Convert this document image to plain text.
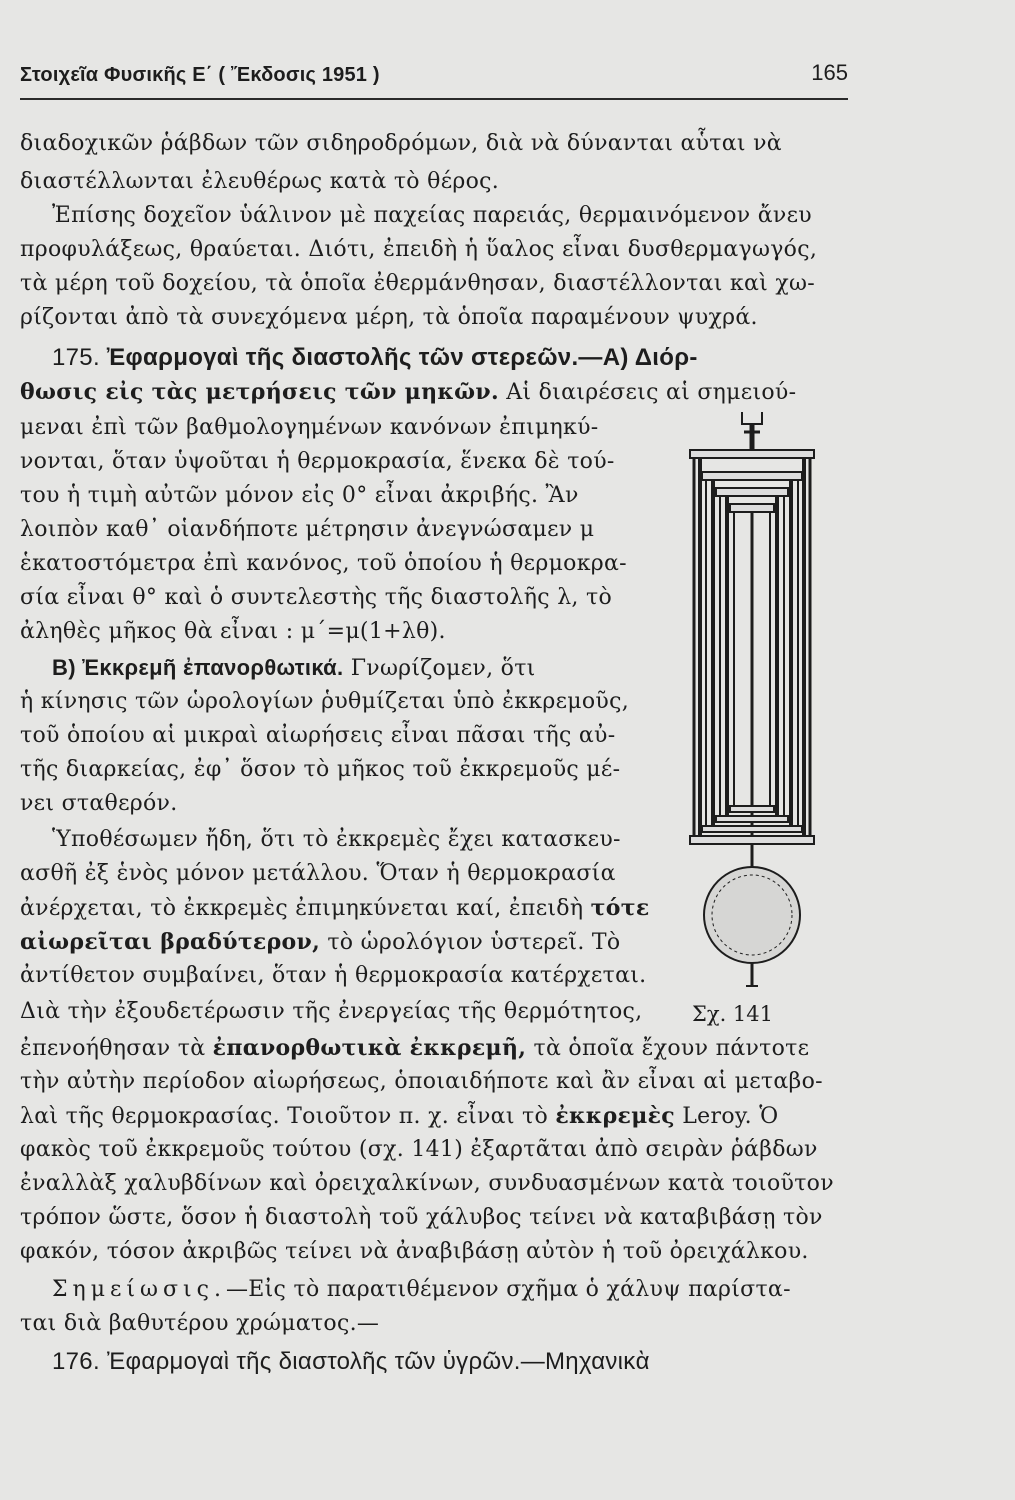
Στοιχεῖα Φυσικῆς Ε΄ ( Ἔκδοσις 1951 )	165
διαδοχικῶν ῥάβδων τῶν σιδηροδρόμων, διὰ νὰ δύνανται αὗται νὰ
διαστέλλωνται ἐλευθέρως κατὰ τὸ θέρος.
Ἐπίσης δοχεῖον ὑάλινον μὲ παχείας παρειάς, θερμαινόμενον ἄνευ
προφυλάξεως, θραύεται. Διότι, ἐπειδὴ ἡ ὕαλος εἶναι δυσθερμαγωγός,
τὰ μέρη τοῦ δοχείου, τὰ ὁποῖα ἐθερμάνθησαν, διαστέλλονται καὶ χω-
ρίζονται ἀπὸ τὰ συνεχόμενα μέρη, τὰ ὁποῖα παραμένουν ψυχρά.
175. Ἐφαρμογαὶ τῆς διαστολῆς τῶν στερεῶν.—Α) Διόρ-
θωσις εἰς τὰς μετρήσεις τῶν μηκῶν. Αἱ διαιρέσεις αἱ σημειού-
μεναι ἐπὶ τῶν βαθμολογημένων κανόνων ἐπιμηκύ-
νονται, ὅταν ὑψοῦται ἡ θερμοκρασία, ἕνεκα δὲ τού-
του ἡ τιμὴ αὐτῶν μόνον εἰς 0° εἶναι ἀκριβής. Ἂν
λοιπὸν καθ᾽ οἱανδήποτε μέτρησιν ἀνεγνώσαμεν μ
ἑκατοστόμετρα ἐπὶ κανόνος, τοῦ ὁποίου ἡ θερμοκρα-
σία εἶναι θ° καὶ ὁ συντελεστὴς τῆς διαστολῆς λ, τὸ
ἀληθὲς μῆκος θὰ εἶναι : μ΄=μ(1+λθ).
Β) Ἐκκρεμῆ ἐπανορθωτικά. Γνωρίζομεν, ὅτι
ἡ κίνησις τῶν ὡρολογίων ῥυθμίζεται ὑπὸ ἐκκρεμοῦς,
τοῦ ὁποίου αἱ μικραὶ αἰωρήσεις εἶναι πᾶσαι τῆς αὐ-
τῆς διαρκείας, ἐφ᾽ ὅσον τὸ μῆκος τοῦ ἐκκρεμοῦς μέ-
νει σταθερόν.
Ὑποθέσωμεν ἤδη, ὅτι τὸ ἐκκρεμὲς ἔχει κατασκευ-
ασθῆ ἐξ ἑνὸς μόνον μετάλλου. Ὅταν ἡ θερμοκρασία
ἀνέρχεται, τὸ ἐκκρεμὲς ἐπιμηκύνεται καί, ἐπειδὴ τότε
αἰωρεῖται βραδύτερον, τὸ ὡρολόγιον ὑστερεῖ. Τὸ
ἀντίθετον συμβαίνει, ὅταν ἡ θερμοκρασία κατέρχεται.
Διὰ τὴν ἐξουδετέρωσιν τῆς ἐνεργείας τῆς θερμότητος,
ἐπενοήθησαν τὰ ἐπανορθωτικὰ ἐκκρεμῆ, τὰ ὁποῖα ἔχουν πάντοτε
τὴν αὐτὴν περίοδον αἰωρήσεως, ὁποιαιδήποτε καὶ ἂν εἶναι αἱ μεταβο-
λαὶ τῆς θερμοκρασίας. Τοιοῦτον π. χ. εἶναι τὸ ἐκκρεμὲς Leroy. Ὁ
φακὸς τοῦ ἐκκρεμοῦς τούτου (σχ. 141) ἐξαρτᾶται ἀπὸ σειρὰν ῥάβδων
ἐναλλὰξ χαλυβδίνων καὶ ὀρειχαλκίνων, συνδυασμένων κατὰ τοιοῦτον
τρόπον ὥστε, ὅσον ἡ διαστολὴ τοῦ χάλυβος τείνει νὰ καταβιβάσῃ τὸν
φακόν, τόσον ἀκριβῶς τείνει νὰ ἀναβιβάσῃ αὐτὸν ἡ τοῦ ὀρειχάλκου.
Σημείωσις.—Εἰς τὸ παρατιθέμενον σχῆμα ὁ χάλυψ παρίστα-
ται διὰ βαθυτέρου χρώματος.—
176. Ἐφαρμογαὶ τῆς διαστολῆς τῶν ὑγρῶν.—Μηχανικὰ
Σχ. 141
